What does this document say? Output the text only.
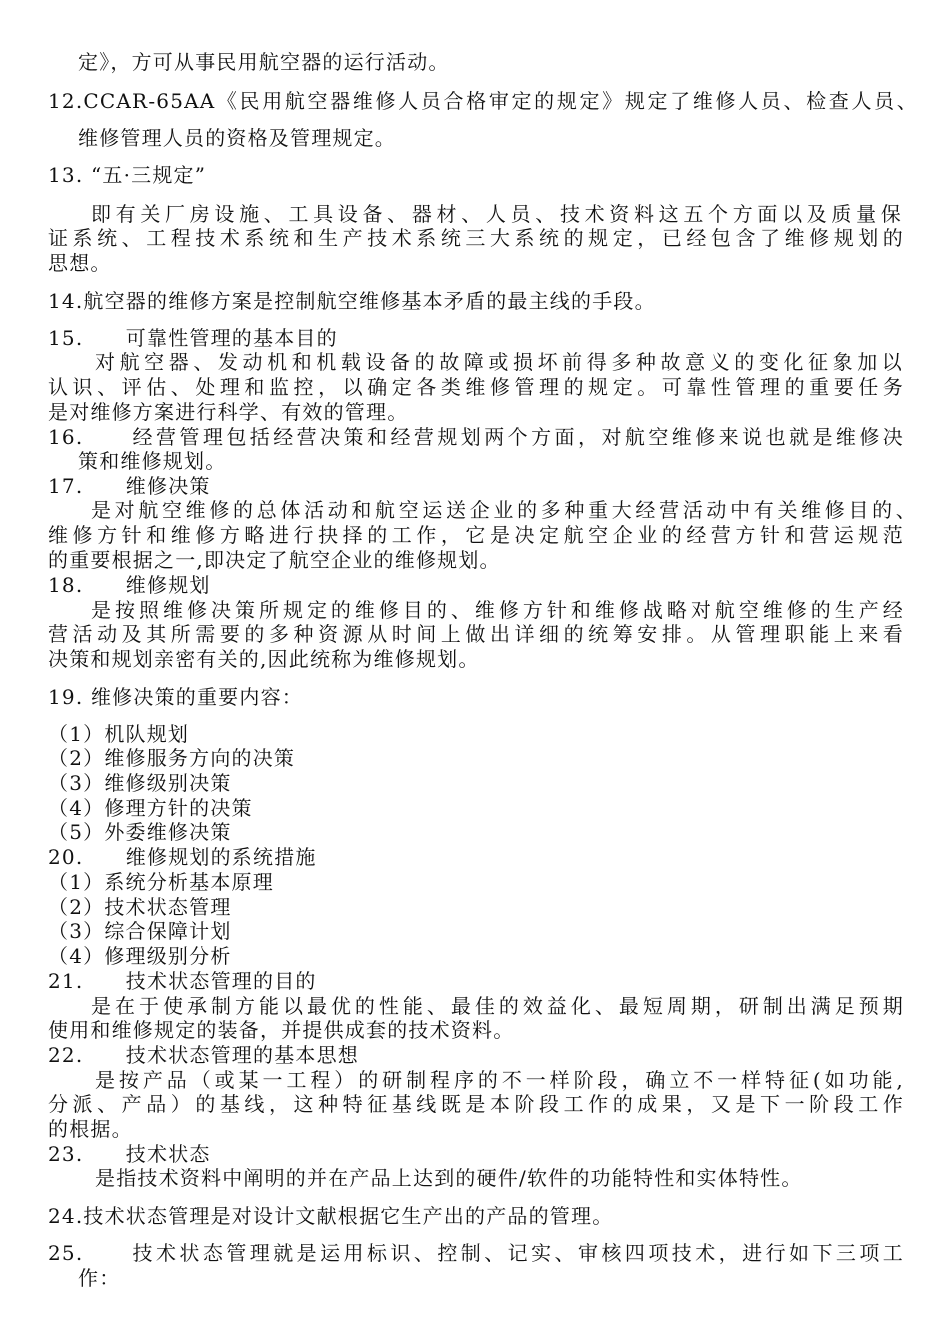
定》，方可从事民用航空器的运行活动。
12.CCAR-65AA《民用航空器维修人员合格审定的规定》规定了维修人员、检查人员、
维修管理人员的资格及管理规定。
13. “五·三规定”
即有关厂房设施、工具设备、器材、人员、技术资料这五个方面以及质量保
证系统、工程技术系统和生产技术系统三大系统的规定，已经包含了维修规划的
思想。
14.航空器的维修方案是控制航空维修基本矛盾的最主线的手段。
15.　　可靠性管理的基本目的
对航空器、发动机和机载设备的故障或损坏前得多种故意义的变化征象加以
认识、评估、处理和监控，以确定各类维修管理的规定。可靠性管理的重要任务
是对维修方案进行科学、有效的管理。
16.　　经营管理包括经营决策和经营规划两个方面，对航空维修来说也就是维修决
策和维修规划。
17.　　维修决策
是对航空维修的总体活动和航空运送企业的多种重大经营活动中有关维修目的、
维修方针和维修方略进行抉择的工作，它是决定航空企业的经营方针和营运规范
的重要根据之一,即决定了航空企业的维修规划。
18.　　维修规划
是按照维修决策所规定的维修目的、维修方针和维修战略对航空维修的生产经
营活动及其所需要的多种资源从时间上做出详细的统筹安排。从管理职能上来看
决策和规划亲密有关的,因此统称为维修规划。
19. 维修决策的重要内容：
（1）机队规划
（2）维修服务方向的决策
（3）维修级别决策
（4）修理方针的决策
（5）外委维修决策
20.　　维修规划的系统措施
（1）系统分析基本原理
（2）技术状态管理
（3）综合保障计划
（4）修理级别分析
21.　　技术状态管理的目的
是在于使承制方能以最优的性能、最佳的效益化、最短周期，研制出满足预期
使用和维修规定的装备，并提供成套的技术资料。
22.　　技术状态管理的基本思想
是按产品（或某一工程）的研制程序的不一样阶段，确立不一样特征(如功能,
分派、产品）的基线，这种特征基线既是本阶段工作的成果，又是下一阶段工作
的根据。
23.　　技术状态
是指技术资料中阐明的并在产品上达到的硬件/软件的功能特性和实体特性。
24.技术状态管理是对设计文献根据它生产出的产品的管理。
25.　　技术状态管理就是运用标识、控制、记实、审核四项技术，进行如下三项工
作：
